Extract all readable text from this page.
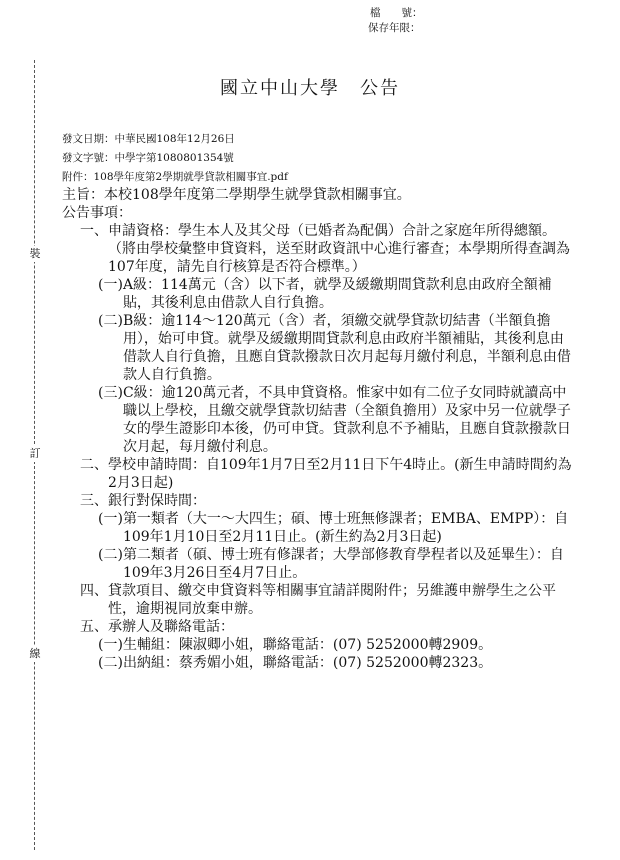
裝
訂
線
檔　　號：
保存年限：
國立中山大學　公告
發文日期：中華民國108年12月26日
發文字號：中學字第1080801354號
附件：108學年度第2學期就學貸款相關事宜.pdf
主旨：本校108學年度第二學期學生就學貸款相關事宜。
公告事項：
一、 申請資格：學生本人及其父母（已婚者為配偶）合計之家庭年所得總額。（將由學校彙整申貸資料，送至財政資訊中心進行審查；本學期所得查調為107年度，請先自行核算是否符合標準。）
(一) A級：114萬元（含）以下者，就學及緩繳期間貸款利息由政府全額補貼，其後利息由借款人自行負擔。
(二) B級：逾114～120萬元（含）者，須繳交就學貸款切結書（半額負擔用），始可申貸。就學及緩繳期間貸款利息由政府半額補貼，其後利息由借款人自行負擔，且應自貸款撥款日次月起每月繳付利息，半額利息由借款人自行負擔。
(三) C級：逾120萬元者，不具申貸資格。惟家中如有二位子女同時就讀高中職以上學校，且繳交就學貸款切結書（全額負擔用）及家中另一位就學子女的學生證影印本後，仍可申貸。貸款利息不予補貼，且應自貸款撥款日次月起，每月繳付利息。
二、 學校申請時間：自109年1月7日至2月11日下午4時止。(新生申請時間約為2月3日起)
三、 銀行對保時間：
(一) 第一類者（大一～大四生；碩、博士班無修課者；EMBA、EMPP）：自109年1月10日至2月11日止。(新生約為2月3日起)
(二) 第二類者（碩、博士班有修課者；大學部修教育學程者以及延畢生）：自109年3月26日至4月7日止。
四、 貸款項目、繳交申貸資料等相關事宜請詳閱附件；另維護申辦學生之公平性，逾期視同放棄申辦。
五、 承辦人及聯絡電話：
(一) 生輔組：陳淑卿小姐，聯絡電話：(07) 5252000轉2909。
(二) 出納組：蔡秀媚小姐，聯絡電話：(07) 5252000轉2323。
